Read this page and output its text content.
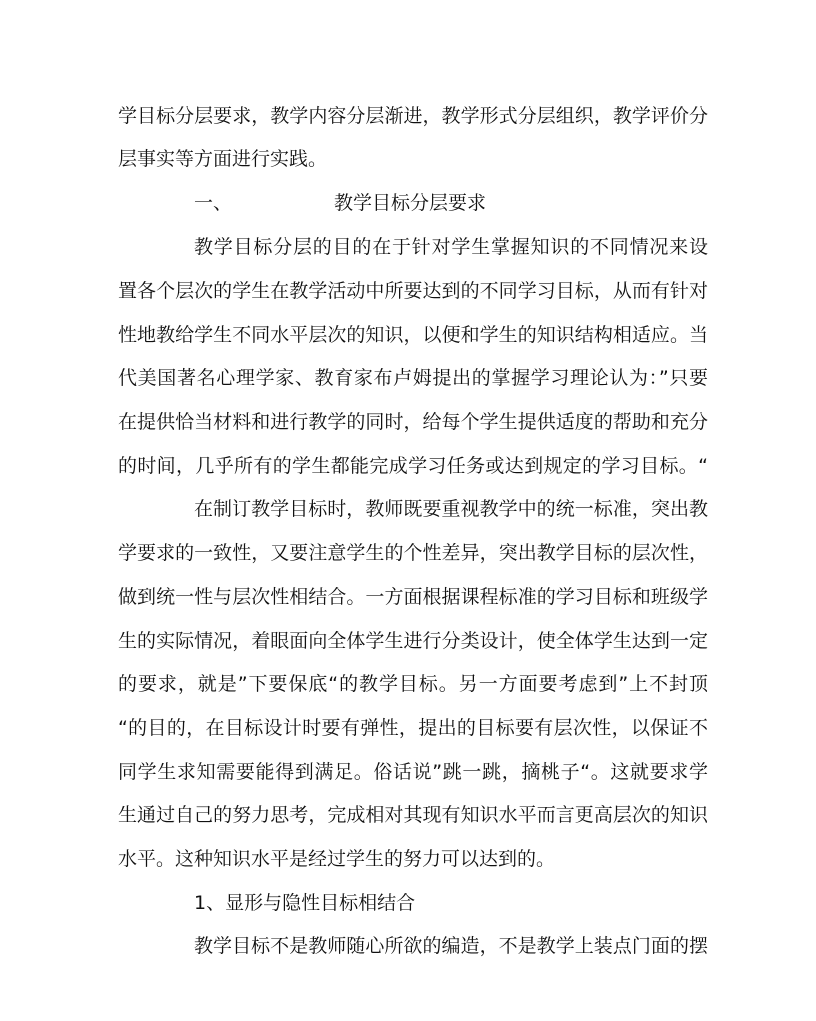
学目标分层要求，教学内容分层渐进，教学形式分层组织，教学评价分
层事实等方面进行实践。
一、	教学目标分层要求
教学目标分层的目的在于针对学生掌握知识的不同情况来设
置各个层次的学生在教学活动中所要达到的不同学习目标，从而有针对
性地教给学生不同水平层次的知识，以便和学生的知识结构相适应。当
代美国著名心理学家、教育家布卢姆提出的掌握学习理论认为：”只要
在提供恰当材料和进行教学的同时，给每个学生提供适度的帮助和充分
的时间，几乎所有的学生都能完成学习任务或达到规定的学习目标。“
在制订教学目标时，教师既要重视教学中的统一标准，突出教
学要求的一致性，又要注意学生的个性差异，突出教学目标的层次性，
做到统一性与层次性相结合。一方面根据课程标准的学习目标和班级学
生的实际情况，着眼面向全体学生进行分类设计，使全体学生达到一定
的要求，就是”下要保底“的教学目标。另一方面要考虑到”上不封顶
“的目的，在目标设计时要有弹性，提出的目标要有层次性，以保证不
同学生求知需要能得到满足。俗话说”跳一跳，摘桃子“。这就要求学
生通过自己的努力思考，完成相对其现有知识水平而言更高层次的知识
水平。这种知识水平是经过学生的努力可以达到的。
1、显形与隐性目标相结合
教学目标不是教师随心所欲的编造，不是教学上装点门面的摆
